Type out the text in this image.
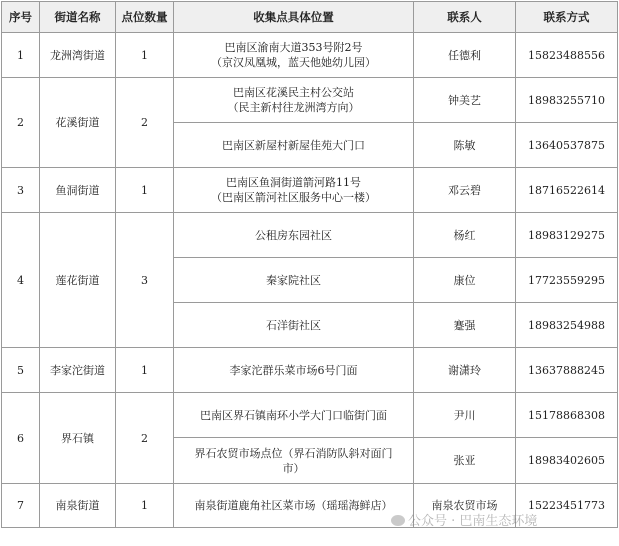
序号	街道名称	点位数量	收集点具体位置	联系人	联系方式
1	龙洲湾街道	1	巴南区渝南大道353号附2号
（京汉凤凰城，蓝天他她幼儿园）	任德利	15823488556
2	花溪街道	2	巴南区花溪民主村公交站
（民主新村往龙洲湾方向）	钟美艺	18983255710
			巴南区新屋村新屋佳苑大门口	陈敏	13640537875
3	鱼洞街道	1	巴南区鱼洞街道箭河路11号
（巴南区箭河社区服务中心一楼）	邓云碧	18716522614
4	莲花街道	3	公租房东园社区	杨红	18983129275
			秦家院社区	康位	17723559295
			石洋街社区	蹇强	18983254988
5	李家沱街道	1	李家沱群乐菜市场6号门面	谢潇玲	13637888245
6	界石镇	2	巴南区界石镇南环小学大门口临街门面	尹川	15178868308

			界石农贸市场点位（界石消防队斜对面门
市）	张亚	18983402605
7	南泉街道	1	南泉街道鹿角社区菜市场（瑶瑶海鲜店）	南泉农贸市场	15223451773
公众号 · 巴南生态环境
